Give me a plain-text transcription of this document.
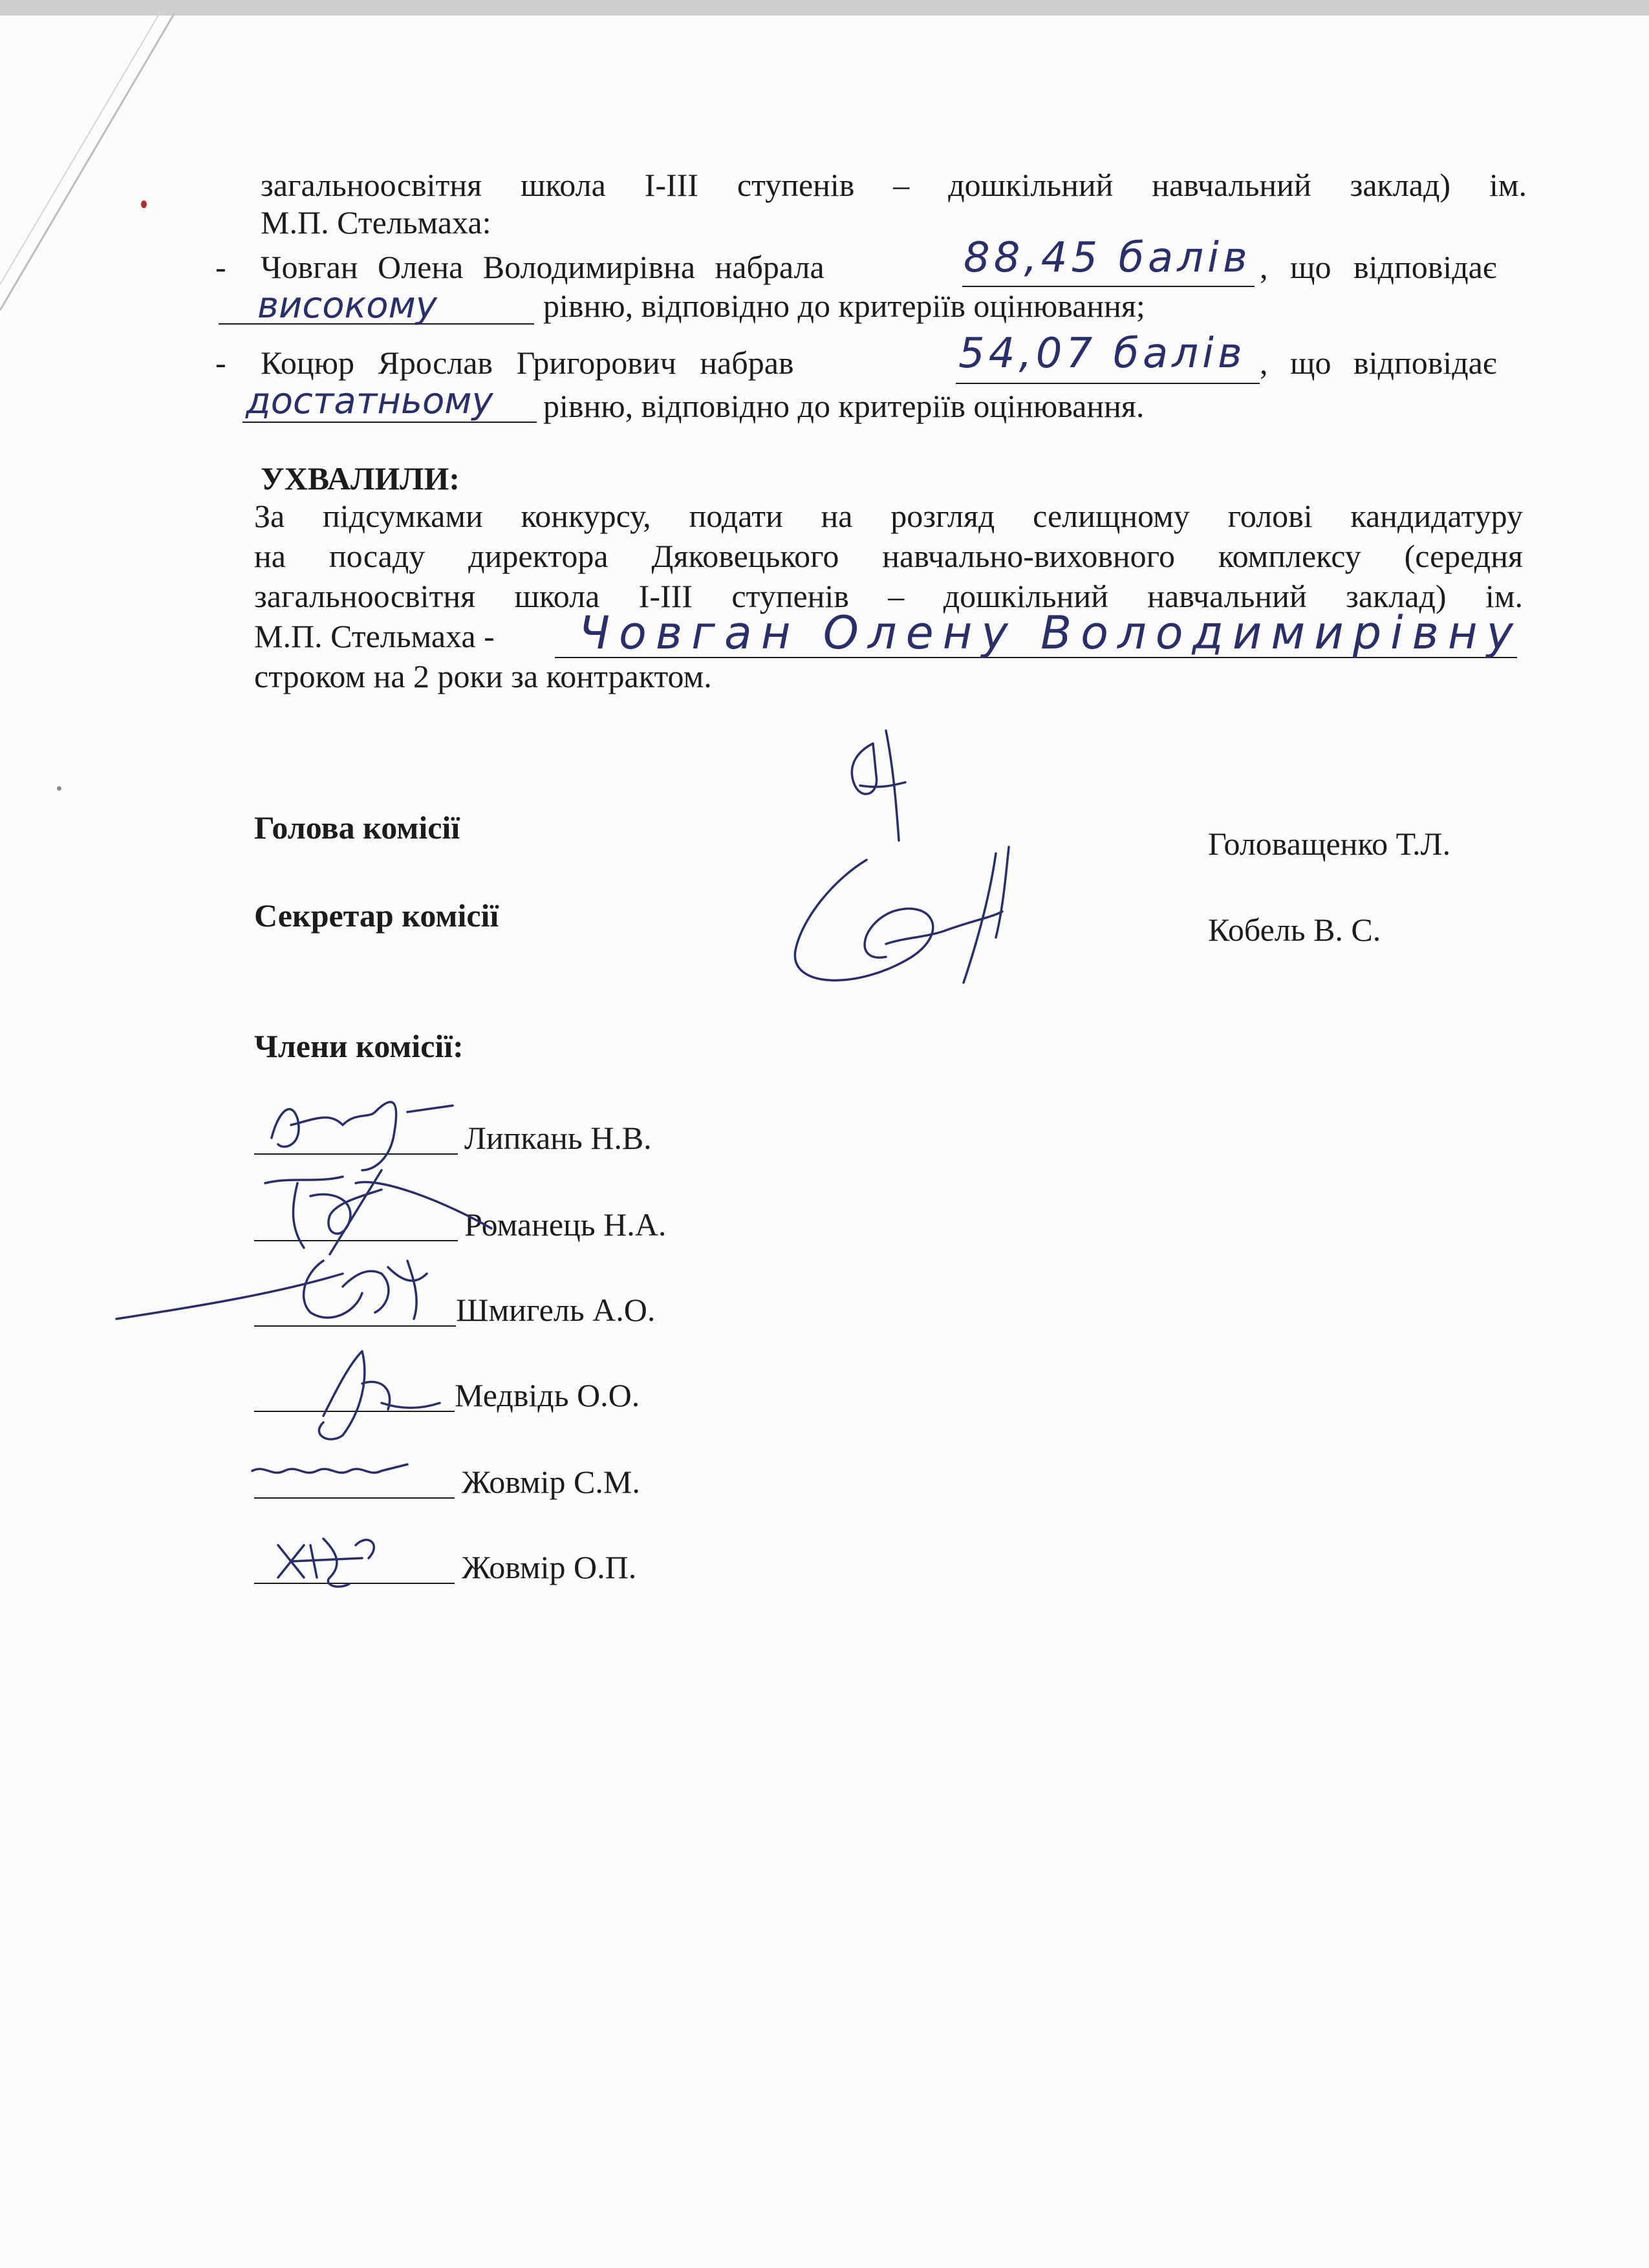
загальноосвітня школа І-ІІІ ступенів – дошкільний навчальний заклад) ім.
М.П. Стельмаха:
- Човган Олена Володимирівна набрала	88,45 балів , що відповідає
високому	рівню, відповідно до критеріїв оцінювання;
- Коцюр Ярослав Григорович набрав	54,07 балів , що відповідає
достатньому рівню, відповідно до критеріїв оцінювання.
УХВАЛИЛИ:
За підсумками конкурсу, подати на розгляд селищному голові кандидатуру
на посаду директора Дяковецького навчально-виховного комплексу (середня
загальноосвітня школа І-ІІІ ступенів – дошкільний навчальний заклад) ім.
М.П. Стельмаха - Човган Олену Володимирівну
строком на 2 роки за контрактом.
Голова комісії	Головащенко Т.Л.
Секретар комісії	Кобель В. С.
Члени комісії:
Липкань Н.В.
Романець Н.А.
Шмигель А.О.
Медвідь О.О.
Жовмір С.М.
Жовмір О.П.
